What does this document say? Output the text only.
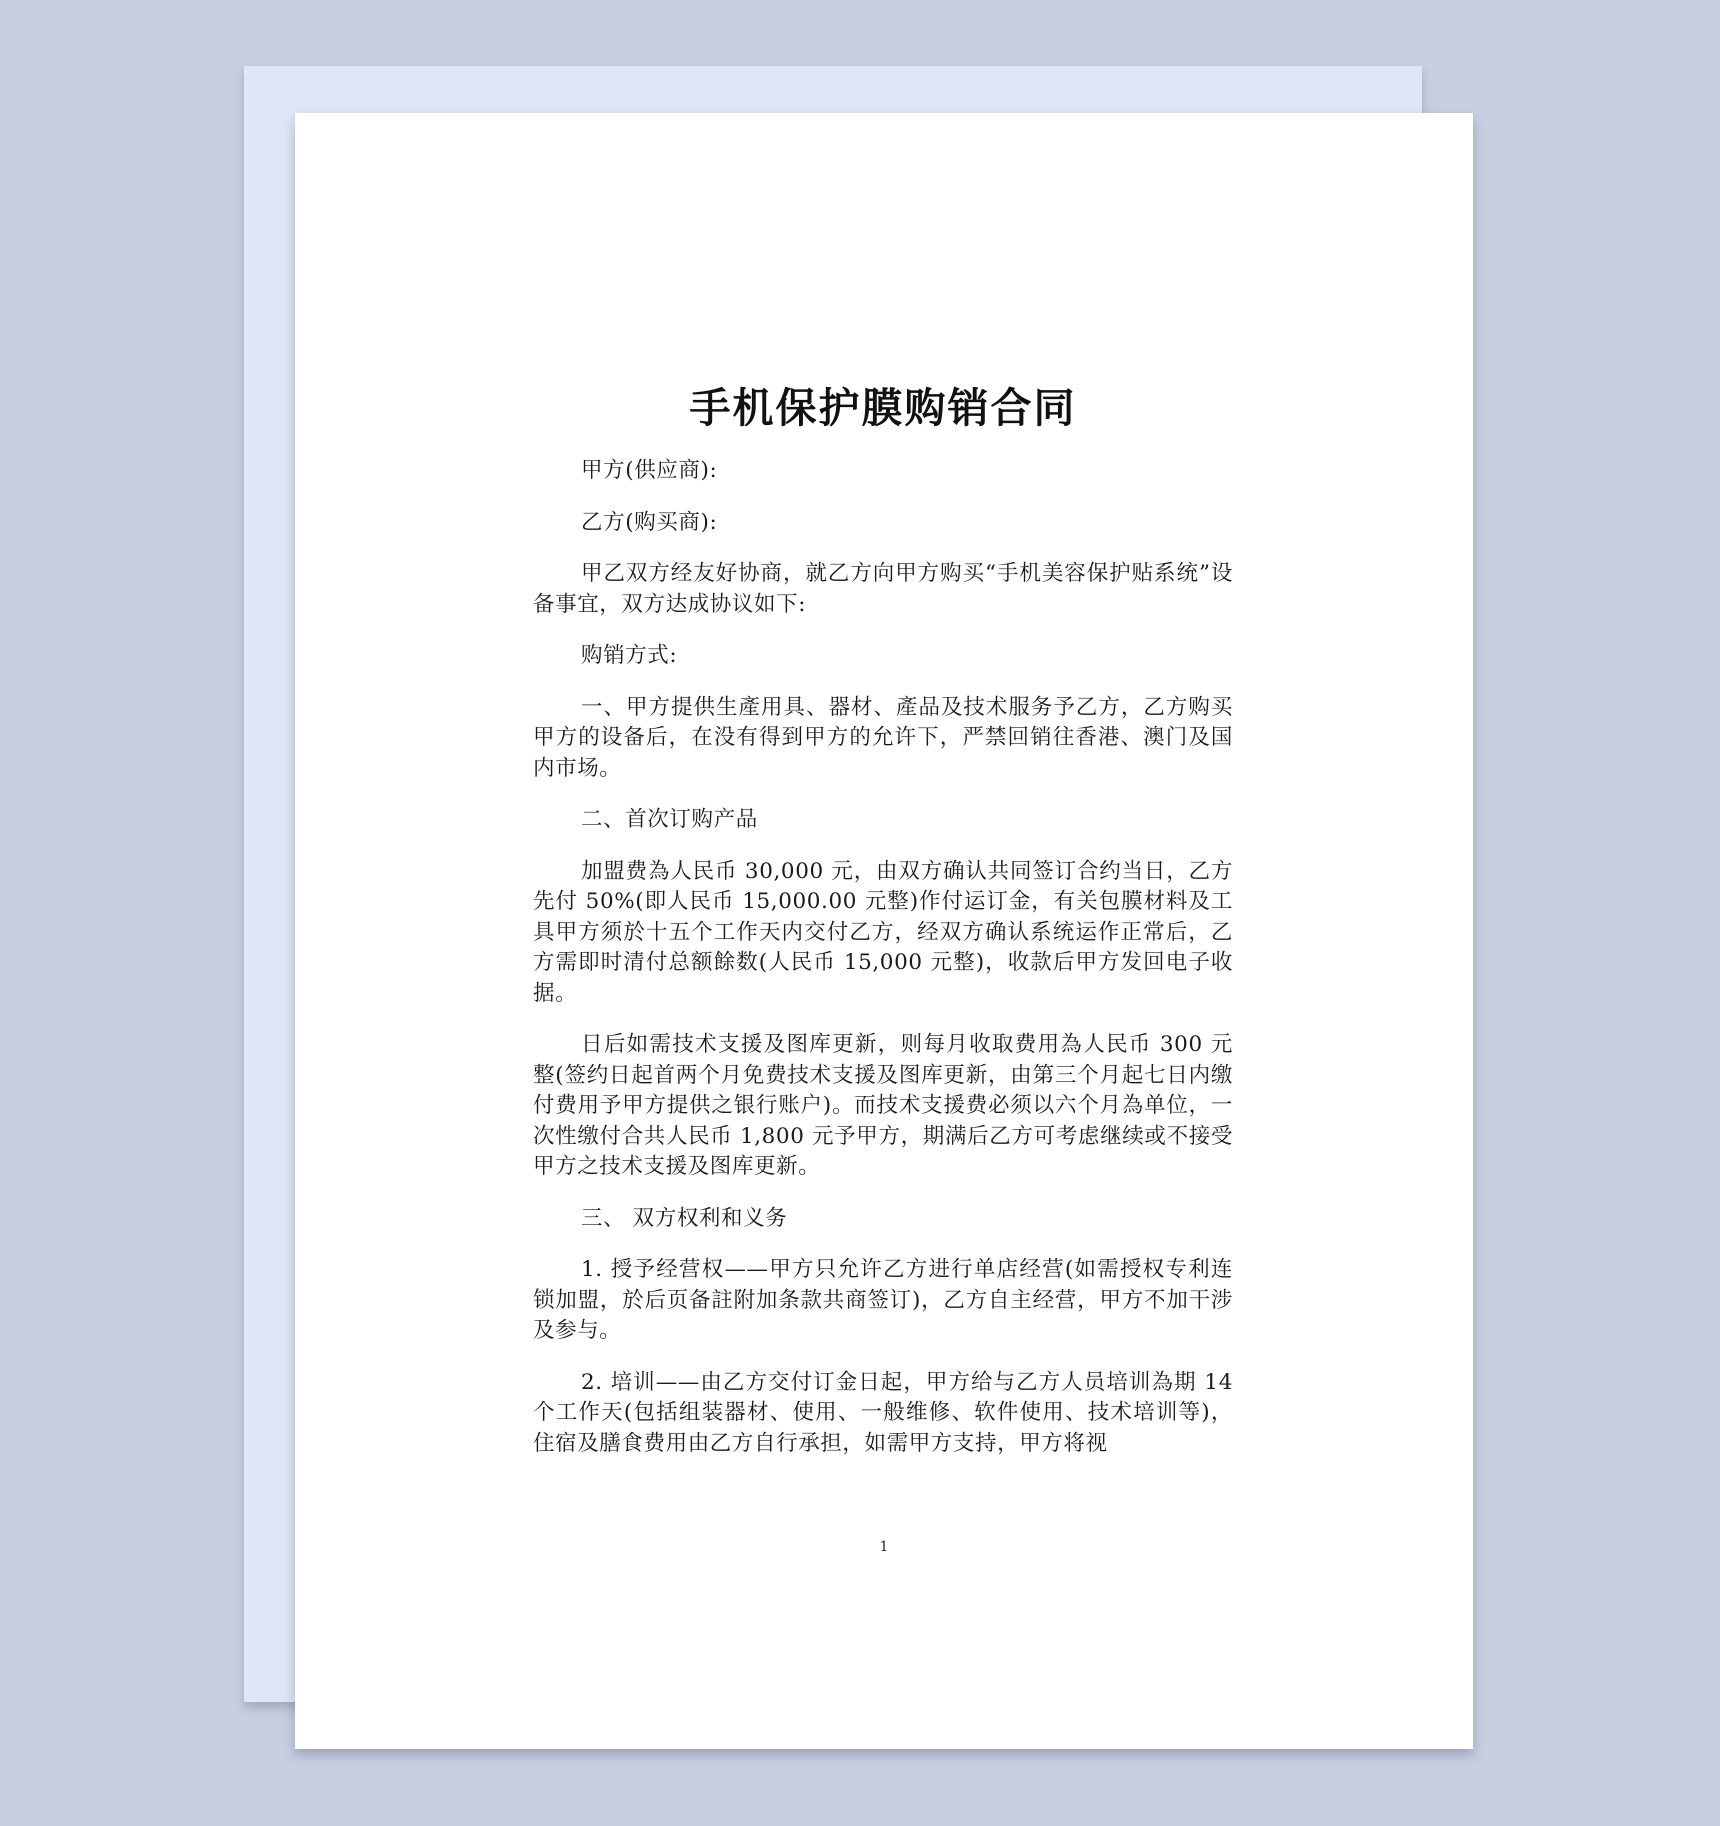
手机保护膜购销合同

甲方(供应商):

乙方(购买商):

甲乙双方经友好协商，就乙方向甲方购买“手机美容保护贴系统”设备事宜，双方达成协议如下:

购销方式:

一、甲方提供生產用具、器材、產品及技术服务予乙方，乙方购买甲方的设备后，在没有得到甲方的允许下，严禁回销往香港、澳门及国内市场。

二、首次订购产品

加盟费為人民币 30,000 元，由双方确认共同签订合约当日，乙方先付 50%(即人民币 15,000.00 元整)作付运订金，有关包膜材料及工具甲方须於十五个工作天内交付乙方，经双方确认系统运作正常后，乙方需即时清付总额餘数(人民币 15,000 元整)，收款后甲方发回电子收据。

日后如需技术支援及图库更新，则每月收取费用為人民币 300 元整(签约日起首两个月免费技术支援及图库更新，由第三个月起七日内缴付费用予甲方提供之银行账户)。而技术支援费必须以六个月為单位，一次性缴付合共人民币 1,800 元予甲方，期满后乙方可考虑继续或不接受甲方之技术支援及图库更新。

三、 双方权利和义务

1. 授予经营权——甲方只允许乙方进行单店经营(如需授权专利连锁加盟，於后页备註附加条款共商签订)，乙方自主经营，甲方不加干涉及参与。

2. 培训——由乙方交付订金日起，甲方给与乙方人员培训為期 14 个工作天(包括组装器材、使用、一般维修、软件使用、技术培训等)，住宿及膳食费用由乙方自行承担，如需甲方支持，甲方将视

1
